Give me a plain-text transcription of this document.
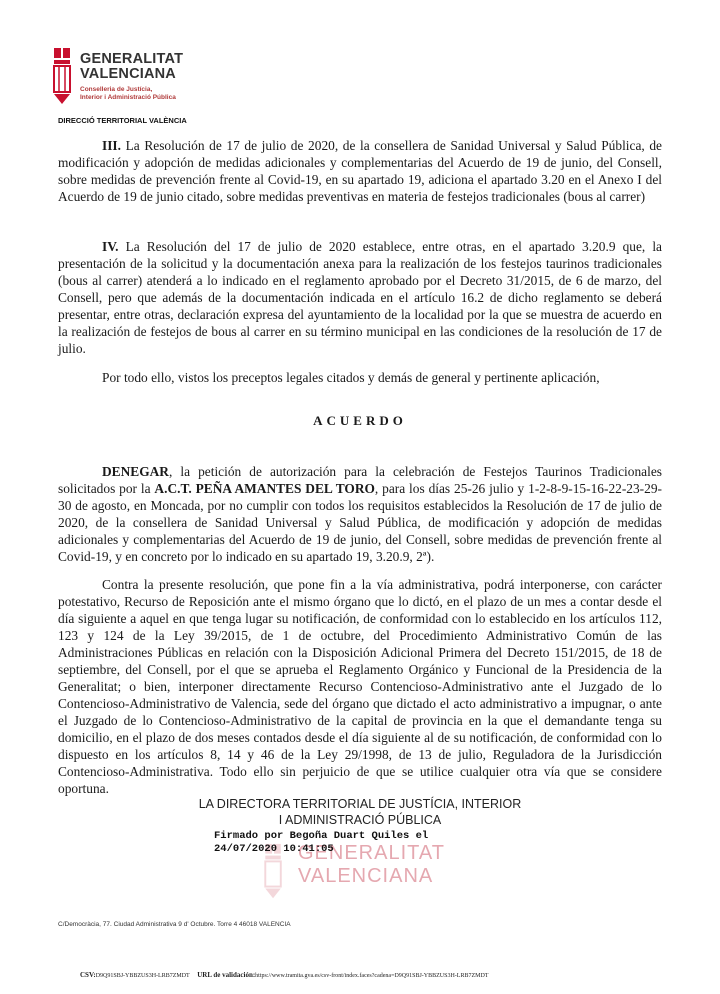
GENERALITAT
VALENCIANA
Conselleria de Justícia,
Interior i Administració Pública
DIRECCIÓ TERRITORIAL VALÈNCIA

III. La Resolución de 17 de julio de 2020, de la consellera de Sanidad Universal y Salud Pública, de modificación y adopción de medidas adicionales y complementarias del Acuerdo de 19 de junio, del Consell, sobre medidas de prevención frente al Covid-19, en su apartado 19, adiciona el apartado 3.20 en el Anexo I del Acuerdo de 19 de junio citado, sobre medidas preventivas en materia de festejos tradicionales (bous al carrer)

IV. La Resolución del 17 de julio de 2020 establece, entre otras, en el apartado 3.20.9 que, la presentación de la solicitud y la documentación anexa para la realización de los festejos taurinos tradicionales (bous al carrer) atenderá a lo indicado en el reglamento aprobado por el Decreto 31/2015, de 6 de marzo, del Consell, pero que además de la documentación indicada en el artículo 16.2 de dicho reglamento se deberá presentar, entre otras, declaración expresa del ayuntamiento de la localidad por la que se muestra de acuerdo en la realización de festejos de bous al carrer en su término municipal en las condiciones de la resolución de 17 de julio.

Por todo ello, vistos los preceptos legales citados y demás de general y pertinente aplicación,

ACUERDO

DENEGAR, la petición de autorización para la celebración de Festejos Taurinos Tradicionales solicitados por la A.C.T. PEÑA AMANTES DEL TORO, para los días 25-26 julio y 1-2-8-9-15-16-22-23-29-30 de agosto, en Moncada, por no cumplir con todos los requisitos establecidos la Resolución de 17 de julio de 2020, de la consellera de Sanidad Universal y Salud Pública, de modificación y adopción de medidas adicionales y complementarias del Acuerdo de 19 de junio, del Consell, sobre medidas de prevención frente al Covid-19, y en concreto por lo indicado en su apartado 19, 3.20.9, 2ª).

Contra la presente resolución, que pone fin a la vía administrativa, podrá interponerse, con carácter potestativo, Recurso de Reposición ante el mismo órgano que lo dictó, en el plazo de un mes a contar desde el día siguiente a aquel en que tenga lugar su notificación, de conformidad con lo establecido en los artículos 112, 123 y 124 de la Ley 39/2015, de 1 de octubre, del Procedimiento Administrativo Común de las Administraciones Públicas en relación con la Disposición Adicional Primera del Decreto 151/2015, de 18 de septiembre, del Consell, por el que se aprueba el Reglamento Orgánico y Funcional de la Presidencia de la Generalitat; o bien, interponer directamente Recurso Contencioso-Administrativo ante el Juzgado de lo Contencioso-Administrativo de Valencia, sede del órgano que dictado el acto administrativo a impugnar, o ante el Juzgado de lo Contencioso-Administrativo de la capital de provincia en la que el demandante tenga su domicilio, en el plazo de dos meses contados desde el día siguiente al de su notificación, de conformidad con lo dispuesto en los artículos 8, 14 y 46 de la Ley 29/1998, de 13 de julio, Reguladora de la Jurisdicción Contencioso-Administrativa. Todo ello sin perjuicio de que se utilice cualquier otra vía que se considere oportuna.

LA DIRECTORA TERRITORIAL DE JUSTÍCIA, INTERIOR
I ADMINISTRACIÓ PÚBLICA
GENERALITAT
VALENCIANA
Firmado por Begoña Duart Quiles el
24/07/2020 10:41:05
C/Democràcia, 77. Ciudad Administrativa 9 d' Octubre. Torre 4 46018 VALENCIA
CSV:D9Q91SBJ-YBBZUS3H-LRB7ZMDT URL de validación:https://www.tramita.gva.es/csv-front/index.faces?cadena=D9Q91SBJ-YBBZUS3H-LRB7ZMDT
